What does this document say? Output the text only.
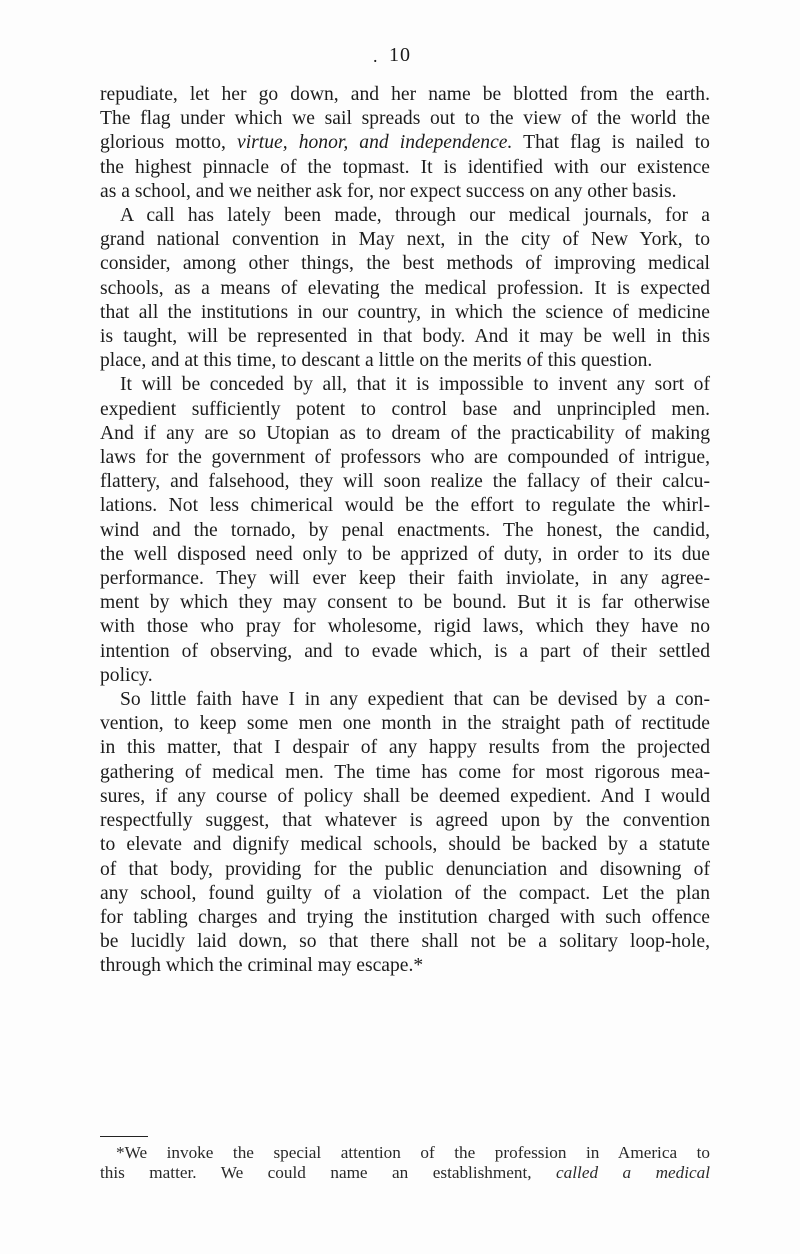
. 10
repudiate, let her go down, and her name be blotted from the earth.
The flag under which we sail spreads out to the view of the world the
glorious motto, virtue, honor, and independence. That flag is nailed to
the highest pinnacle of the topmast. It is identified with our existence
as a school, and we neither ask for, nor expect success on any other basis.
A call has lately been made, through our medical journals, for a
grand national convention in May next, in the city of New York, to
consider, among other things, the best methods of improving medical
schools, as a means of elevating the medical profession. It is expected
that all the institutions in our country, in which the science of medicine
is taught, will be represented in that body. And it may be well in this
place, and at this time, to descant a little on the merits of this question.
It will be conceded by all, that it is impossible to invent any sort of
expedient sufficiently potent to control base and unprincipled men.
And if any are so Utopian as to dream of the practicability of making
laws for the government of professors who are compounded of intrigue,
flattery, and falsehood, they will soon realize the fallacy of their calcu-
lations. Not less chimerical would be the effort to regulate the whirl-
wind and the tornado, by penal enactments. The honest, the candid,
the well disposed need only to be apprized of duty, in order to its due
performance. They will ever keep their faith inviolate, in any agree-
ment by which they may consent to be bound. But it is far otherwise
with those who pray for wholesome, rigid laws, which they have no
intention of observing, and to evade which, is a part of their settled
policy.
So little faith have I in any expedient that can be devised by a con-
vention, to keep some men one month in the straight path of rectitude
in this matter, that I despair of any happy results from the projected
gathering of medical men. The time has come for most rigorous mea-
sures, if any course of policy shall be deemed expedient. And I would
respectfully suggest, that whatever is agreed upon by the convention
to elevate and dignify medical schools, should be backed by a statute
of that body, providing for the public denunciation and disowning of
any school, found guilty of a violation of the compact. Let the plan
for tabling charges and trying the institution charged with such offence
be lucidly laid down, so that there shall not be a solitary loop-hole,
through which the criminal may escape.*
*We invoke the special attention of the profession in America to
this matter. We could name an establishment, called a medical
